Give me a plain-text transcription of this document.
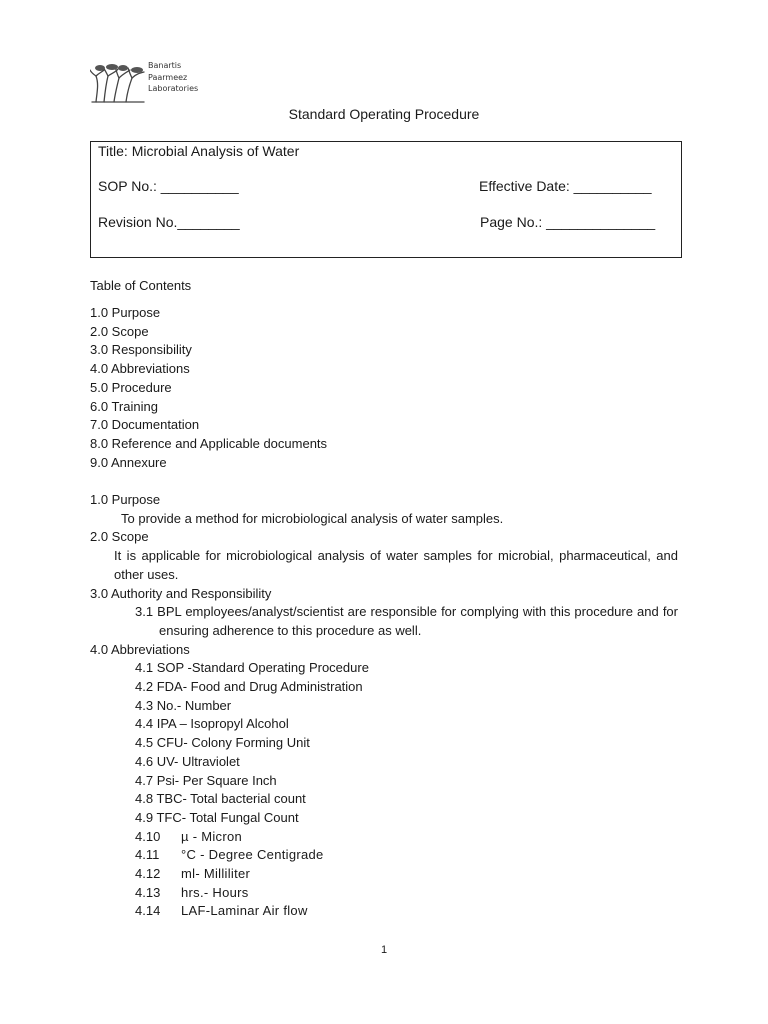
Banartis
Paarmeez
Laboratories
Standard Operating Procedure
Title: Microbial Analysis of Water
SOP No.: __________	Effective Date: __________
Revision No.________	Page No.: ______________
Table of Contents
1.0 Purpose
2.0 Scope
3.0 Responsibility
4.0 Abbreviations
5.0 Procedure
6.0 Training
7.0 Documentation
8.0 Reference and Applicable documents
9.0 Annexure
1.0 Purpose
To provide a method for microbiological analysis of water samples.
2.0 Scope
It is applicable for microbiological analysis of water samples for microbial, pharmaceutical, and other uses.
3.0 Authority and Responsibility
3.1 BPL employees/analyst/scientist are responsible for complying with this procedure and for ensuring adherence to this procedure as well.
4.0 Abbreviations
4.1 SOP -Standard Operating Procedure
4.2 FDA- Food and Drug Administration
4.3 No.- Number
4.4 IPA – Isopropyl Alcohol
4.5 CFU- Colony Forming Unit
4.6 UV- Ultraviolet
4.7 Psi- Per Square Inch
4.8 TBC- Total bacterial count
4.9 TFC- Total Fungal Count
4.10 µ - Micron
4.11 °C - Degree Centigrade
4.12 ml- Milliliter
4.13 hrs.- Hours
4.14 LAF-Laminar Air flow
1
